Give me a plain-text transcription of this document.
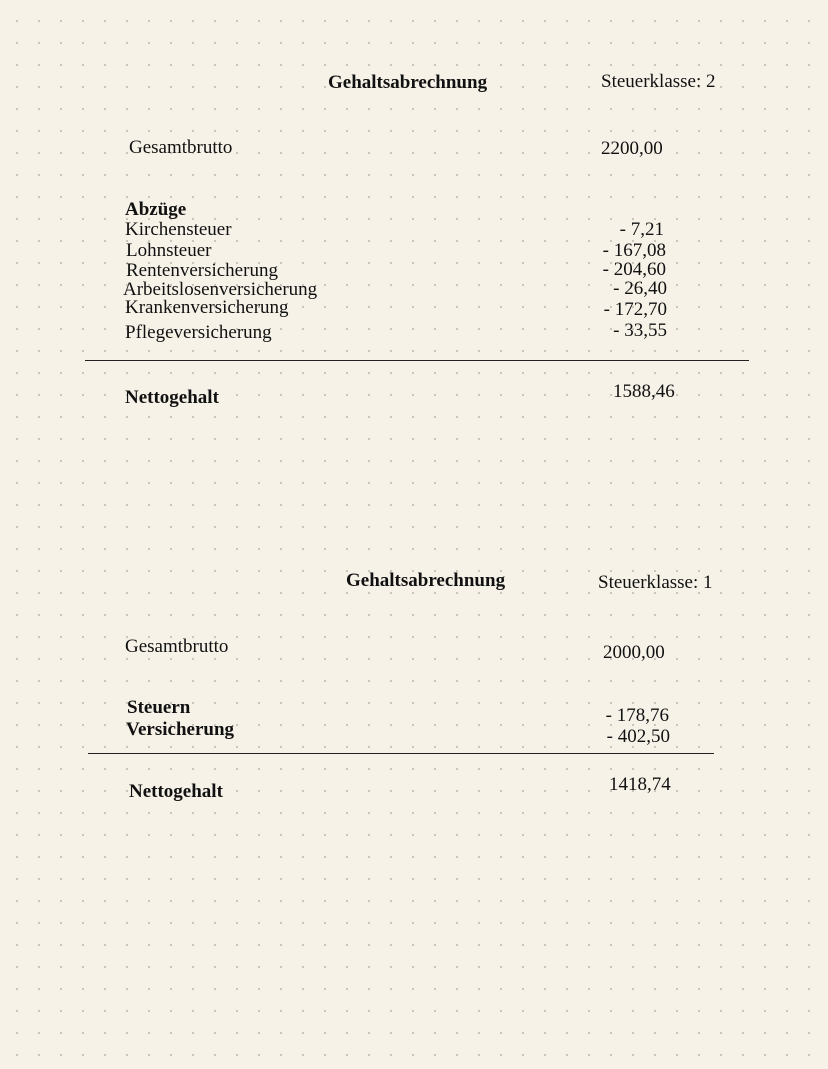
Gehaltsabrechnung	Steuerklasse: 2
Gesamtbrutto	2200,00
Abzüge
Kirchensteuer	- 7,21
Lohnsteuer	- 167,08
Rentenversicherung	- 204,60
Arbeitslosenversicherung	- 26,40
Krankenversicherung	- 172,70
Pflegeversicherung	- 33,55
Nettogehalt	1588,46
Gehaltsabrechnung	Steuerklasse: 1
Gesamtbrutto	2000,00
Steuern	- 178,76
Versicherung	- 402,50
Nettogehalt	1418,74
